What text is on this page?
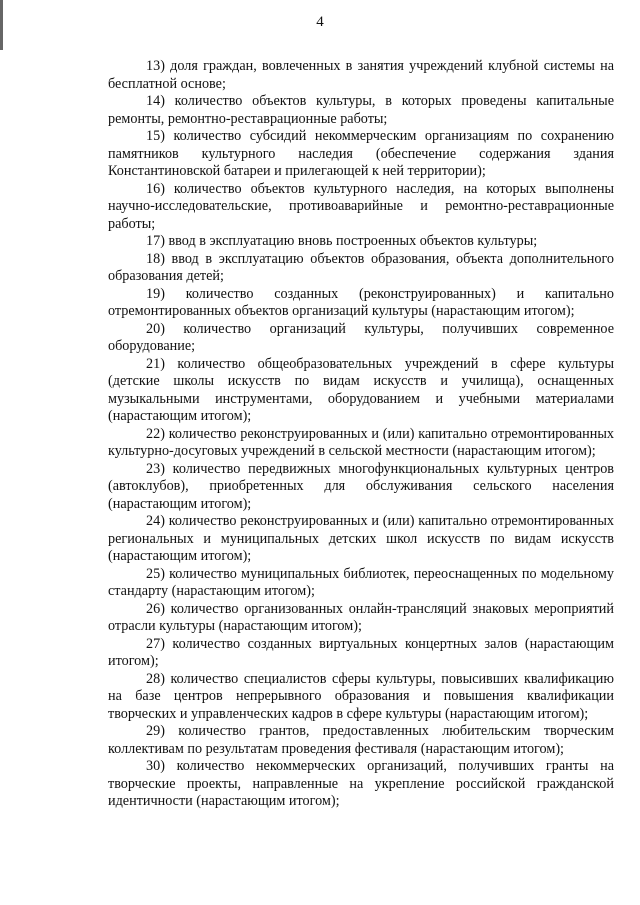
4

13) доля граждан, вовлеченных в занятия учреждений клубной системы на бесплатной основе;

14) количество объектов культуры, в которых проведены капитальные ремонты, ремонтно-реставрационные работы;

15) количество субсидий некоммерческим организациям по сохранению памятников культурного наследия (обеспечение содержания здания Константиновской батареи и прилегающей к ней территории);

16) количество объектов культурного наследия, на которых выполнены научно-исследовательские, противоаварийные и ремонтно-реставрационные работы;

17) ввод в эксплуатацию вновь построенных объектов культуры;

18) ввод в эксплуатацию объектов образования, объекта дополнительного образования детей;

19) количество созданных (реконструированных) и капитально отремонтированных объектов организаций культуры (нарастающим итогом);

20) количество организаций культуры, получивших современное оборудование;

21) количество общеобразовательных учреждений в сфере культуры (детские школы искусств по видам искусств и училища), оснащенных музыкальными инструментами, оборудованием и учебными материалами (нарастающим итогом);

22) количество реконструированных и (или) капитально отремонтированных культурно-досуговых учреждений в сельской местности (нарастающим итогом);

23) количество передвижных многофункциональных культурных центров (автоклубов), приобретенных для обслуживания сельского населения (нарастающим итогом);

24) количество реконструированных и (или) капитально отремонтированных региональных и муниципальных детских школ искусств по видам искусств (нарастающим итогом);

25) количество муниципальных библиотек, переоснащенных по модельному стандарту (нарастающим итогом);

26) количество организованных онлайн-трансляций знаковых мероприятий отрасли культуры (нарастающим итогом);

27) количество созданных виртуальных концертных залов (нарастающим итогом);

28) количество специалистов сферы культуры, повысивших квалификацию на базе центров непрерывного образования и повышения квалификации творческих и управленческих кадров в сфере культуры (нарастающим итогом);

29) количество грантов, предоставленных любительским творческим коллективам по результатам проведения фестиваля (нарастающим итогом);

30) количество некоммерческих организаций, получивших гранты на творческие проекты, направленные на укрепление российской гражданской идентичности (нарастающим итогом);
